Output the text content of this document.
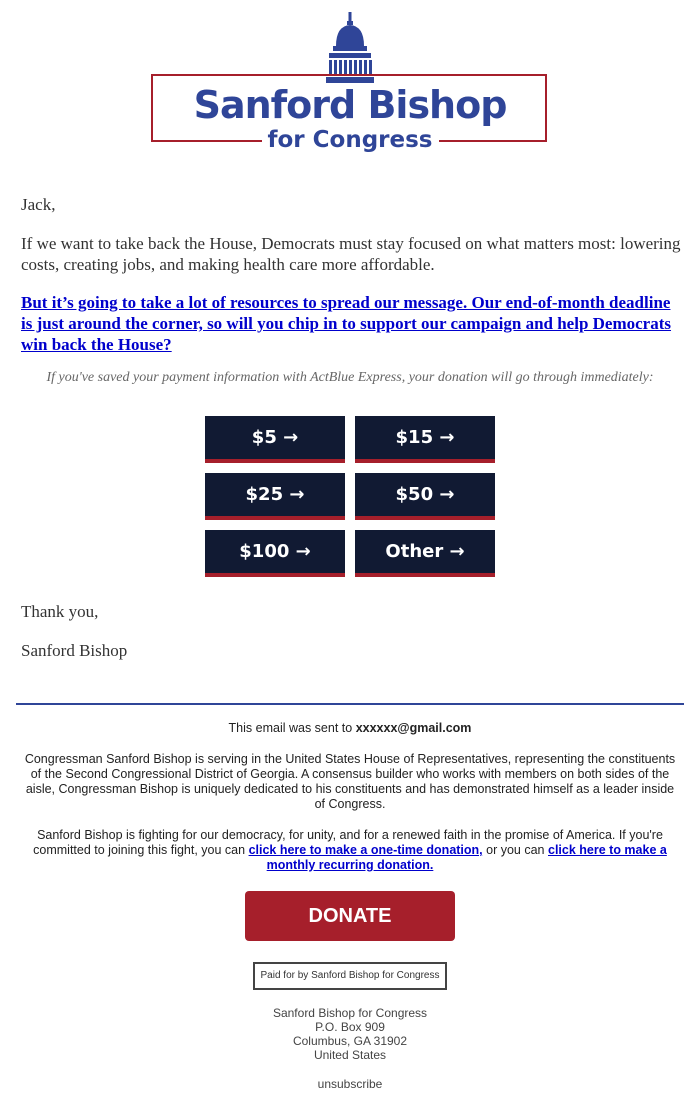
Sanford Bishop
for Congress
Jack,
If we want to take back the House, Democrats must stay focused on what matters most: lowering costs, creating jobs, and making health care more affordable.
But it’s going to take a lot of resources to spread our message. Our end-of-month deadline is just around the corner, so will you chip in to support our campaign and help Democrats win back the House?
If you've saved your payment information with ActBlue Express, your donation will go through immediately:
$5 →	$15 →
$25 →	$50 →
$100 →	Other →
Thank you,
Sanford Bishop
This email was sent to xxxxxx@gmail.com
Congressman Sanford Bishop is serving in the United States House of Representatives, representing the constituents of the Second Congressional District of Georgia. A consensus builder who works with members on both sides of the aisle, Congressman Bishop is uniquely dedicated to his constituents and has demonstrated himself as a leader inside of Congress.
Sanford Bishop is fighting for our democracy, for unity, and for a renewed faith in the promise of America. If you're committed to joining this fight, you can click here to make a one-time donation, or you can click here to make a monthly recurring donation.
DONATE
Paid for by Sanford Bishop for Congress
Sanford Bishop for Congress
P.O. Box 909
Columbus, GA 31902
United States
unsubscribe
